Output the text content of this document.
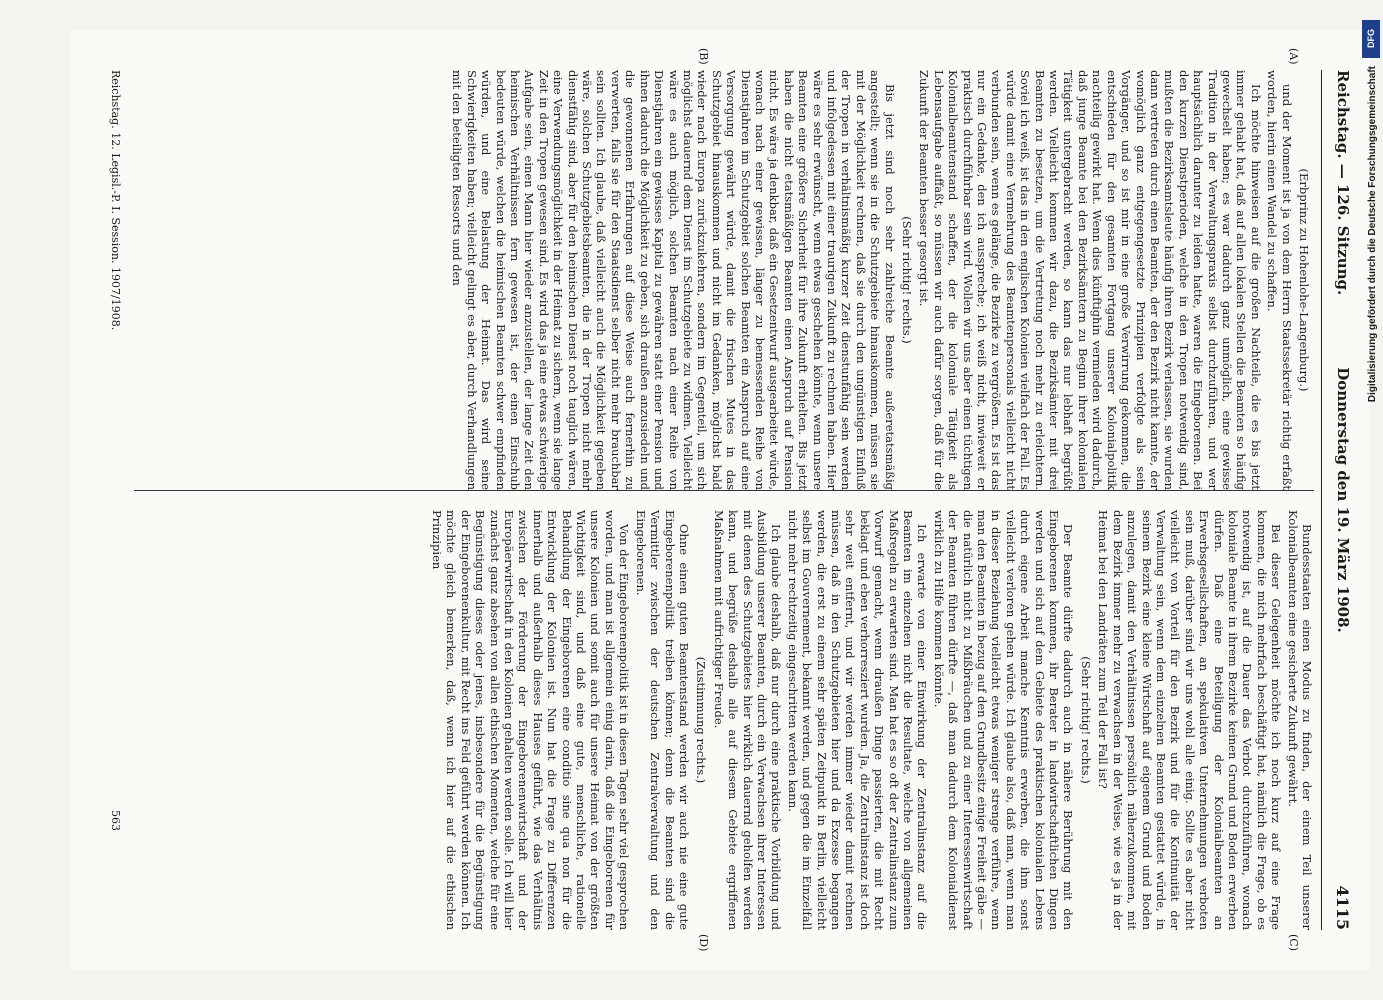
Reichstag. — 126. Sitzung.
Donnerstag den 19. März 1908.
4115
(A)
(B)
(C)
(D)

(Erbprinz zu Hohenlohe-Langenburg.)

und der Moment ist ja von dem Herrn Staatssekretär richtig erfaßt worden, hierin einen Wandel zu schaffen.

Ich möchte hinweisen auf die großen Nachteile, die es bis jetzt immer gehabt hat, daß auf allen lokalen Stellen die Beamten so häufig gewechselt haben; es war dadurch ganz unmöglich, eine gewisse Tradition in der Verwaltungspraxis selbst durchzuführen, und wer hauptsächlich darunter zu leiden hatte, waren die Eingeborenen. Bei den kurzen Dienstperioden, welche in den Tropen notwendig sind, mußten die Bezirksamtsleute häufig ihren Bezirk verlassen, sie wurden dann vertreten durch einen Beamten, der den Bezirk nicht kannte, der womöglich ganz entgegengesetzte Prinzipien verfolgte als sein Vorgänger, und so ist mir in eine große Verwirrung gekommen, die entschieden für den gesamten Fortgang unserer Kolonialpolitik nachteilig gewirkt hat. Wenn dies künftighin vermieden wird dadurch, daß junge Beamte bei den Bezirksämtern zu Beginn ihrer kolonialen Tätigkeit untergebracht werden, so kann das nur lebhaft begrüßt werden. Vielleicht kommen wir dazu, die Bezirksämter mit drei Beamten zu besetzen, um die Vertretung noch mehr zu erleichtern. Soviel ich weiß, ist das in den englischen Kolonien vielfach der Fall. Es würde damit eine Vermehrung des Beamtenpersonals vielleicht nicht verbunden sein, wenn es gelänge, die Bezirke zu vergrößern. Es ist das nur ein Gedanke, den ich ausspreche; ich weiß nicht, inwieweit er praktisch durchführbar sein wird. Wollen wir uns aber einen tüchtigen Kolonialbeamtenstand schaffen, der die koloniale Tätigkeit als Lebensaufgabe auffaßt, so müssen wir auch dafür sorgen, daß für die Zukunft der Beamten besser gesorgt ist.

(Sehr richtig! rechts.)

Bis jetzt sind noch sehr zahlreiche Beamte außeretatsmäßig angestellt; wenn sie in die Schutzgebiete hinauskommen, müssen sie mit der Möglichkeit rechnen, daß sie durch den ungünstigen Einfluß der Tropen in verhältnismäßig kurzer Zeit dienstunfähig sein werden und infolgedessen mit einer traurigen Zukunft zu rechnen haben. Hier wäre es sehr erwünscht, wenn etwas geschehen könnte, wenn unsere Beamten eine größere Sicherheit für ihre Zukunft erhielten. Bis jetzt haben die nicht etatsmäßigen Beamten einen Anspruch auf Pension nicht. Es wäre ja denkbar, daß ein Gesetzentwurf ausgearbeitet würde, wonach nach einer gewissen, länger zu bemessenden Reihe von Dienstjahren im Schutzgebiet solchen Beamten ein Anspruch auf eine Versorgung gewährt würde, damit die frischen Mutes in das Schutzgebiet hinauskommen und nicht im Gedanken, möglichst bald wieder nach Europa zurückzukehren, sondern im Gegenteil, um sich möglichst dauernd dem Dienst im Schutzgebiete zu widmen. Vielleicht wäre es auch möglich, solchen Beamten nach einer Reihe von Dienstjahren ein gewisses Kapital zu gewähren statt einer Pension und ihnen dadurch die Möglichkeit zu geben, sich draußen anzusiedeln und die gewonnenen Erfahrungen auf diese Weise auch fernerhin zu verwerten, falls sie für den Staatsdienst selber nicht mehr brauchbar sein sollten. Ich glaube, daß vielleicht auch die Möglichkeit gegeben wäre, solchen Schutzgebietsbeamten, die in der Tropen nicht mehr dienstfähig sind, aber für den heimischen Dienst noch tauglich wären, eine Verwendungsmöglichkeit in der Heimat zu sichern, wenn sie lange Zeit in den Tropen gewesen sind. Es wird das ja eine etwas schwierige Aufgabe sein, einen Mann hier wieder anzustellen, der lange Zeit den heimischen Verhältnissen fern gewesen ist, der einen Einschub bedeuten würde, welchen die heimischen Beamten schwer empfinden würden, und eine Belastung der Heimat. Das wird seine Schwierigkeiten haben; vielleicht gelingt es aber, durch Verhandlungen mit den beteiligten Ressorts und den

Bundesstaaten einen Modus zu finden, der einem Teil unserer Kolonialbeamten eine gesicherte Zukunft gewährt.

Bei dieser Gelegenheit möchte ich noch kurz auf eine Frage kommen, die mich mehrfach beschäftigt hat, nämlich die Frage, ob es notwendig ist, auf die Dauer das Verbot durchzuführen, wonach koloniale Beamte in ihrem Bezirke keinen Grund und Boden erwerben dürfen. Daß eine Beteiligung der Kolonialbeamten an Erwerbsgesellschaften, an spekulativen Unternehmungen verboten sein muß, darüber sind wir uns wohl alle einig. Sollte es aber nicht vielleicht von Vorteil für den Bezirk und für die Kontinuität der Verwaltung sein, wenn dem einzelnen Beamten gestattet würde, in seinem Bezirk eine kleine Wirtschaft auf eigenem Grund und Boden anzulegen, damit den Verhältnissen persönlich näherzukommen, mit dem Bezirk immer mehr zu verwachsen in der Weise, wie es ja in der Heimat bei den Landräten zum Teil der Fall ist?

(Sehr richtig! rechts.)

Der Beamte dürfte dadurch auch in nähere Berührung mit den Eingeborenen kommen, ihr Berater in landwirtschaftlichen Dingen werden und sich auf dem Gebiete des praktischen kolonialen Lebens durch eigene Arbeit manche Kenntnis erwerben, die ihm sonst vielleicht verloren gehen würde. Ich glaube also, daß man, wenn man in dieser Beziehung vielleicht etwas weniger strenge verführe, wenn man den Beamten in bezug auf den Grundbesitz einige Freiheit gäbe — die natürlich nicht zu Mißbräuchen und zu einer Interessenwirtschaft der Beamten führen dürfte —, daß man dadurch dem Kolonialdienst wirklich zu Hilfe kommen könnte.

Ich erwarte von einer Einwirkung der Zentralinstanz auf die Beamten im einzelnen nicht die Resultate, welche von allgemeinen Maßregeln zu erwarten sind. Man hat es so oft der Zentralinstanz zum Vorwurf gemacht, wenn draußen Dinge passierten, die mit Recht beklagt und eben verhorresziert wurden. Ja, die Zentralinstanz ist doch sehr weit entfernt, und wir werden immer wieder damit rechnen müssen, daß in den Schutzgebieten hier und da Exzesse begangen werden, die erst zu einem sehr späten Zeitpunkt in Berlin, vielleicht selbst im Gouvernement, bekannt werden, und gegen die im Einzelfall nicht mehr rechtzeitig eingeschritten werden kann.

Ich glaube deshalb, daß nur durch eine praktische Vorbildung und Ausbildung unserer Beamten, durch ein Verwachsen ihrer Interessen mit denen des Schutzgebietes hier wirklich dauernd geholfen werden kann, und begrüße deshalb alle auf diesem Gebiete ergriffenen Maßnahmen mit aufrichtiger Freude.

(Zustimmung rechts.)

Ohne einen guten Beamtenstand werden wir auch nie eine gute Eingeborenenpolitik treiben können; denn die Beamten sind die Vermittler zwischen der deutschen Zentralverwaltung und den Eingeborenen.

Von der Eingeborenenpolitik ist in diesen Tagen sehr viel gesprochen worden, und man ist allgemein einig darin, daß die Eingeborenen für unsere Kolonien und somit auch für unsere Heimat von der größten Wichtigkeit sind, und daß eine gute, menschliche, rationelle Behandlung der Eingeborenen eine conditio sine qua non für die Entwicklung der Kolonien ist. Nun hat die Frage zu Differenzen innerhalb und außerhalb dieses Hauses geführt, wie das Verhältnis zwischen der Förderung der Eingeborenenwirtschaft und der Europäerwirtschaft in den Kolonien gehalten werden solle. Ich will hier zunächst ganz absehen von allen ethischen Momenten, welche für eine Begünstigung dieses oder jenes, insbesondere für die Begünstigung der Eingeborenenkultur, mit Recht ins Feld geführt werden können. Ich möchte gleich bemerken, daß, wenn ich hier auf die ethischen Prinzipien

Reichstag. 12. Legisl.-P. I. Session. 1907/1908.
563
DFG
Digitalisierung gefördert durch die Deutsche Forschungsgemeinschaft
